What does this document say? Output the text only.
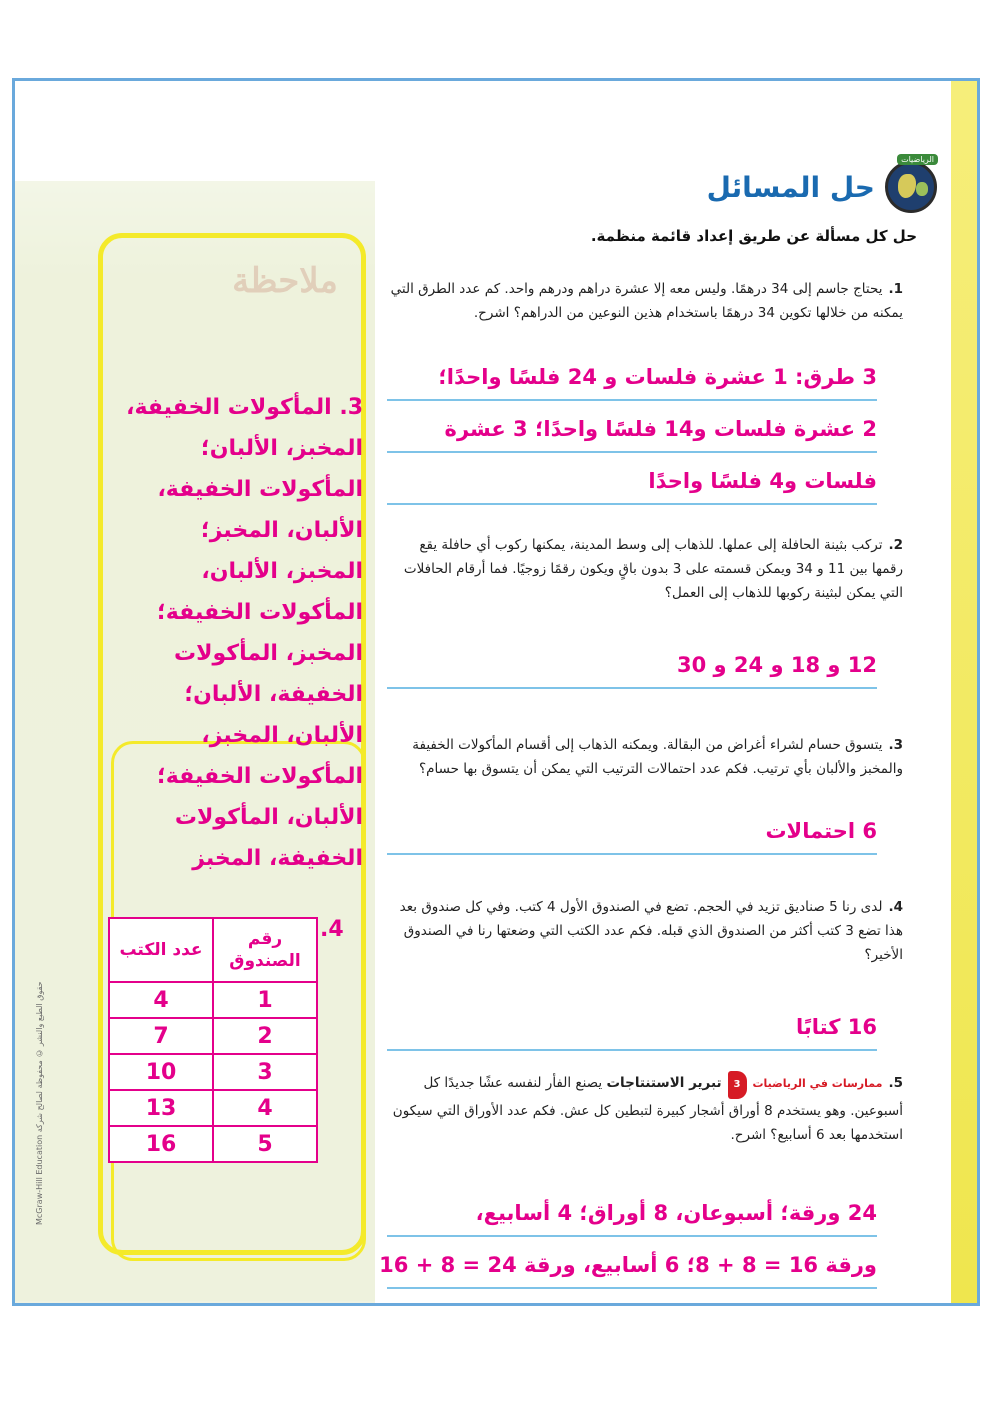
حقوق الطبع والنشر © محفوظة لصالح شركة McGraw-Hill Education
ملاحظة
الرياضيات
حل المسائل
حل كل مسألة عن طريق إعداد قائمة منظمة.
1.يحتاج جاسم إلى 34 درهمًا. وليس معه إلا عشرة دراهم ودرهم واحد. كم عدد الطرق التي يمكنه من خلالها تكوين 34 درهمًا باستخدام هذين النوعين من الدراهم؟ اشرح.
3 طرق: 1 عشرة فلسات و 24 فلسًا واحدًا؛
2 عشرة فلسات و14 فلسًا واحدًا؛ 3 عشرة
فلسات و4 فلسًا واحدًا
2.تركب بثينة الحافلة إلى عملها. للذهاب إلى وسط المدينة، يمكنها ركوب أي حافلة يقع رقمها بين 11 و 34 ويمكن قسمته على 3 بدون باقٍ ويكون رقمًا زوجيًا. فما أرقام الحافلات التي يمكن لبثينة ركوبها للذهاب إلى العمل؟
12 و 18 و 24 و 30
3.يتسوق حسام لشراء أغراض من البقالة. ويمكنه الذهاب إلى أقسام المأكولات الخفيفة والمخبز والألبان بأي ترتيب. فكم عدد احتمالات الترتيب التي يمكن أن يتسوق بها حسام؟
6 احتمالات
4.لدى رنا 5 صناديق تزيد في الحجم. تضع في الصندوق الأول 4 كتب. وفي كل صندوق بعد هذا تضع 3 كتب أكثر من الصندوق الذي قبله. فكم عدد الكتب التي وضعتها رنا في الصندوق الأخير؟
16 كتابًا
5.ممارسات في الرياضيات3تبرير الاستنتاجات يصنع الفأر لنفسه عشًا جديدًا كل أسبوعين. وهو يستخدم 8 أوراق أشجار كبيرة لتبطين كل عش. فكم عدد الأوراق التي سيكون استخدمها بعد 6 أسابيع؟ اشرح.
24 ورقة؛ أسبوعان، 8 أوراق؛ 4 أسابيع،
ورقة 16 = 8 + 8؛ 6 أسابيع، ورقة 24 = 8 + 16
3. المأكولات الخفيفة،
المخبز، الألبان؛
المأكولات الخفيفة،
الألبان، المخبز؛
المخبز، الألبان،
المأكولات الخفيفة؛
المخبز، المأكولات
الخفيفة، الألبان؛
الألبان، المخبز،
المأكولات الخفيفة؛
الألبان، المأكولات
الخفيفة، المخبز
4.
رقم الصندوق	عدد الكتب
1	4
2	7
3	10
4	13
5	16
